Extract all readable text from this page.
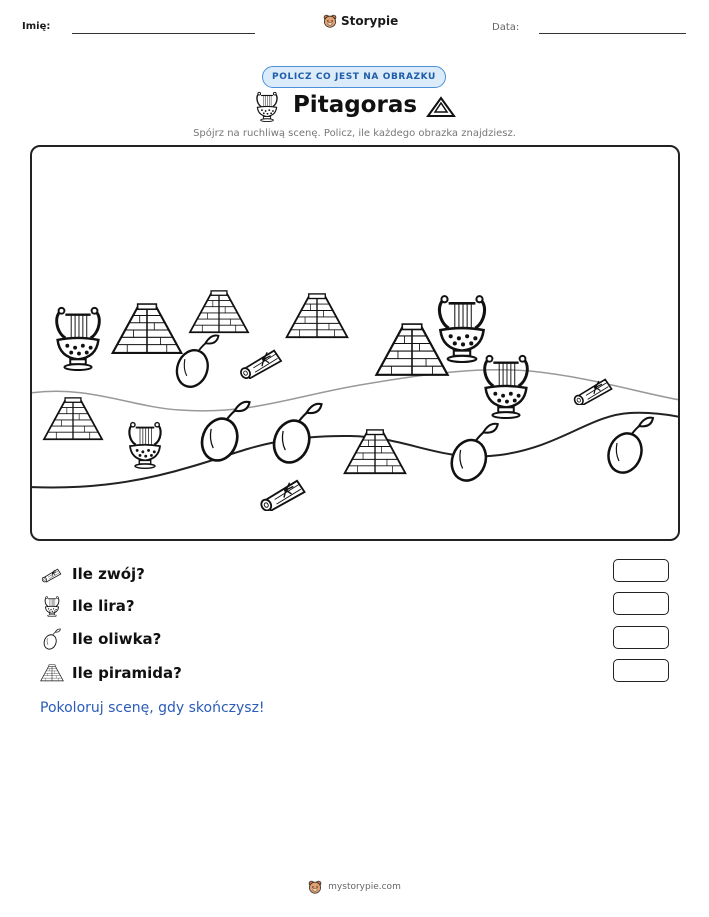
Imię:	Storypie	Data:
POLICZ CO JEST NA OBRAZKU
Pitagoras
Spójrz na ruchliwą scenę. Policz, ile każdego obrazka znajdziesz.
Ile zwój?
Ile lira?
Ile oliwka?
Ile piramida?
Pokoloruj scenę, gdy skończysz!
mystorypie.com
